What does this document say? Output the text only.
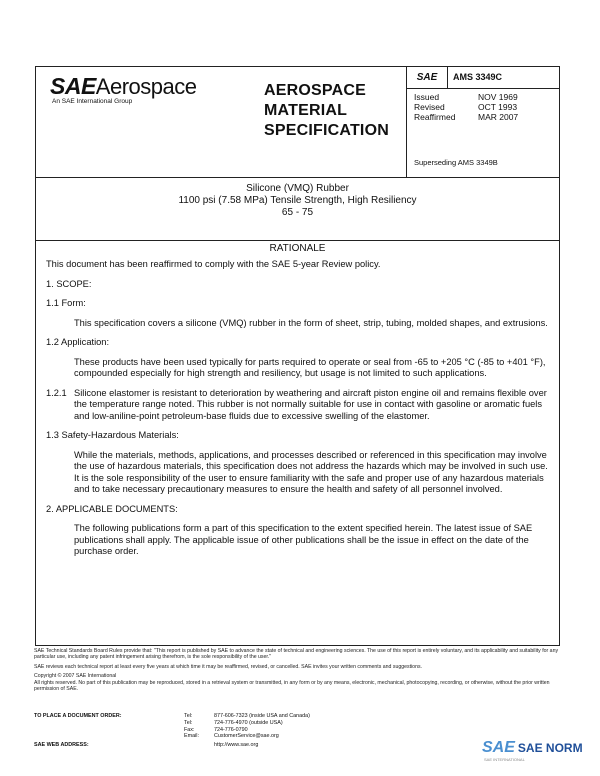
SAEAerospace
An SAE International Group
AEROSPACE
MATERIAL
SPECIFICATION
SAE	AMS 3349C
Issued	NOV 1969
Revised	OCT 1993
Reaffirmed	MAR 2007
Superseding AMS 3349B
Silicone (VMQ) Rubber
1100 psi (7.58 MPa) Tensile Strength, High Resiliency
65 - 75
RATIONALE

This document has been reaffirmed to comply with the SAE 5-year Review policy.

1. SCOPE:

1.1 Form:

This specification covers a silicone (VMQ) rubber in the form of sheet, strip, tubing, molded shapes, and extrusions.

1.2 Application:

These products have been used typically for parts required to operate or seal from -65 to +205 °C (-85 to +401 °F), compounded especially for high strength and resiliency, but usage is not limited to such applications.

1.2.1 Silicone elastomer is resistant to deterioration by weathering and aircraft piston engine oil and remains flexible over the temperature range noted. This rubber is not normally suitable for use in contact with gasoline or aromatic fuels and low-aniline-point petroleum-base fluids due to excessive swelling of the elastomer.

1.3 Safety-Hazardous Materials:

While the materials, methods, applications, and processes described or referenced in this specification may involve the use of hazardous materials, this specification does not address the hazards which may be involved in such use. It is the sole responsibility of the user to ensure familiarity with the safe and proper use of any hazardous materials and to take necessary precautionary measures to ensure the health and safety of all personnel involved.

2. APPLICABLE DOCUMENTS:

The following publications form a part of this specification to the extent specified herein. The latest issue of SAE publications shall apply. The applicable issue of other publications shall be the issue in effect on the date of the purchase order.

SAE Technical Standards Board Rules provide that: "This report is published by SAE to advance the state of technical and engineering sciences. The use of this report is entirely voluntary, and its applicability and suitability for any particular use, including any patent infringement arising therefrom, is the sole responsibility of the user."

SAE reviews each technical report at least every five years at which time it may be reaffirmed, revised, or cancelled. SAE invites your written comments and suggestions.

Copyright © 2007 SAE International

All rights reserved. No part of this publication may be reproduced, stored in a retrieval system or transmitted, in any form or by any means, electronic, mechanical, photocopying, recording, or otherwise, without the prior written permission of SAE.

TO PLACE A DOCUMENT ORDER:	Tel:	877-606-7323 (inside USA and Canada)
Tel:	724-776-4970 (outside USA)
Fax:	724-776-0790
Email:	CustomerService@sae.org
SAE WEB ADDRESS:	http://www.sae.org	SAE SAE NORM
SAE INTERNATIONAL
